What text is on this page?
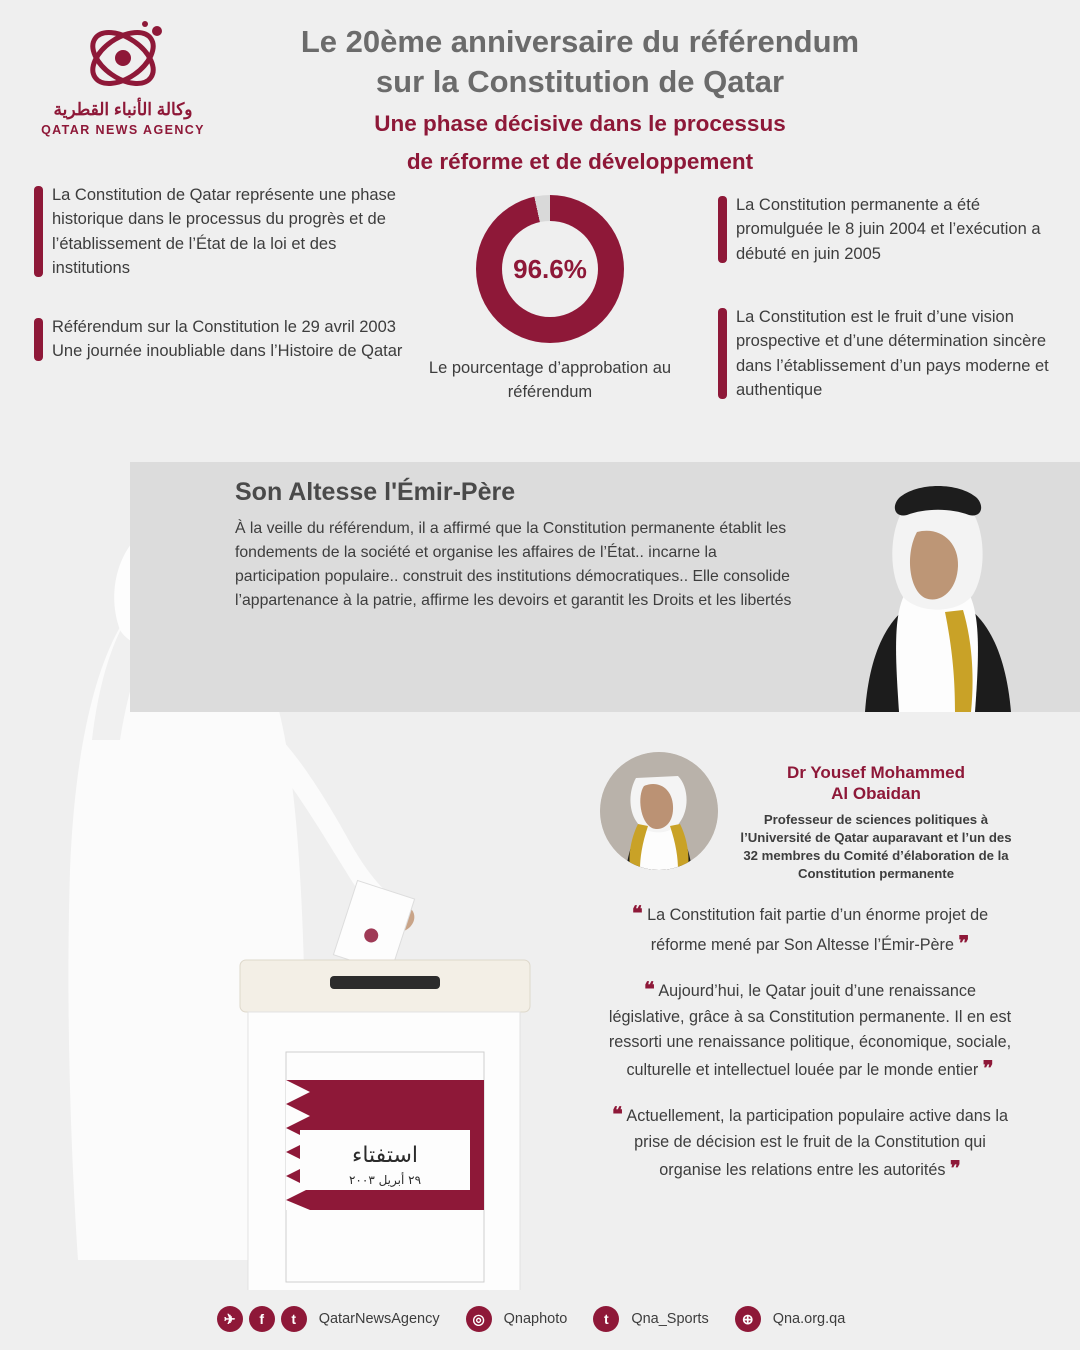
وكالة الأنباء القطرية
QATAR NEWS AGENCY
Le 20ème anniversaire du référendum
sur la Constitution de Qatar
Une phase décisive dans le processus
de réforme et de développement
La Constitution de Qatar représente une phase historique dans le processus du progrès et de l’établissement de l’État de la loi et des institutions
Référendum sur la Constitution le 29 avril 2003 Une journée inoubliable dans l’Histoire de Qatar
La Constitution permanente a été promulguée le 8 juin 2004 et l’exécution a débuté en juin 2005
La Constitution est le fruit d’une vision prospective et d’une détermination sincère dans l’établissement d’un pays moderne et authentique
96.6%
Le pourcentage d’approbation au référendum
استفتاء
٢٩ أبريل ٢٠٠٣
Son Altesse l'Émir-Père
À la veille du référendum, il a affirmé que la Constitution permanente établit les fondements de la société et organise les affaires de l’État.. incarne la participation populaire.. construit des institutions démocratiques.. Elle consolide l’appartenance à la patrie, affirme les devoirs et garantit les Droits et les libertés
Dr Yousef Mohammed
Al Obaidan
Professeur de sciences politiques à l’Université de Qatar auparavant et l’un des 32 membres du Comité d’élaboration de la Constitution permanente
❝ La Constitution fait partie d’un énorme projet de réforme mené par Son Altesse l’Émir-Père ❞
❝ Aujourd’hui, le Qatar jouit d’une renaissance législative, grâce à sa Constitution permanente. Il en est ressorti une renaissance politique, économique, sociale, culturelle et intellectuel louée par le monde entier ❞
❝ Actuellement, la participation populaire active dans la prise de décision est le fruit de la Constitution qui organise les relations entre les autorités ❞
✈	f	t	QatarNewsAgency	◎	Qnaphoto	t	Qna_Sports	⊕	Qna.org.qa
